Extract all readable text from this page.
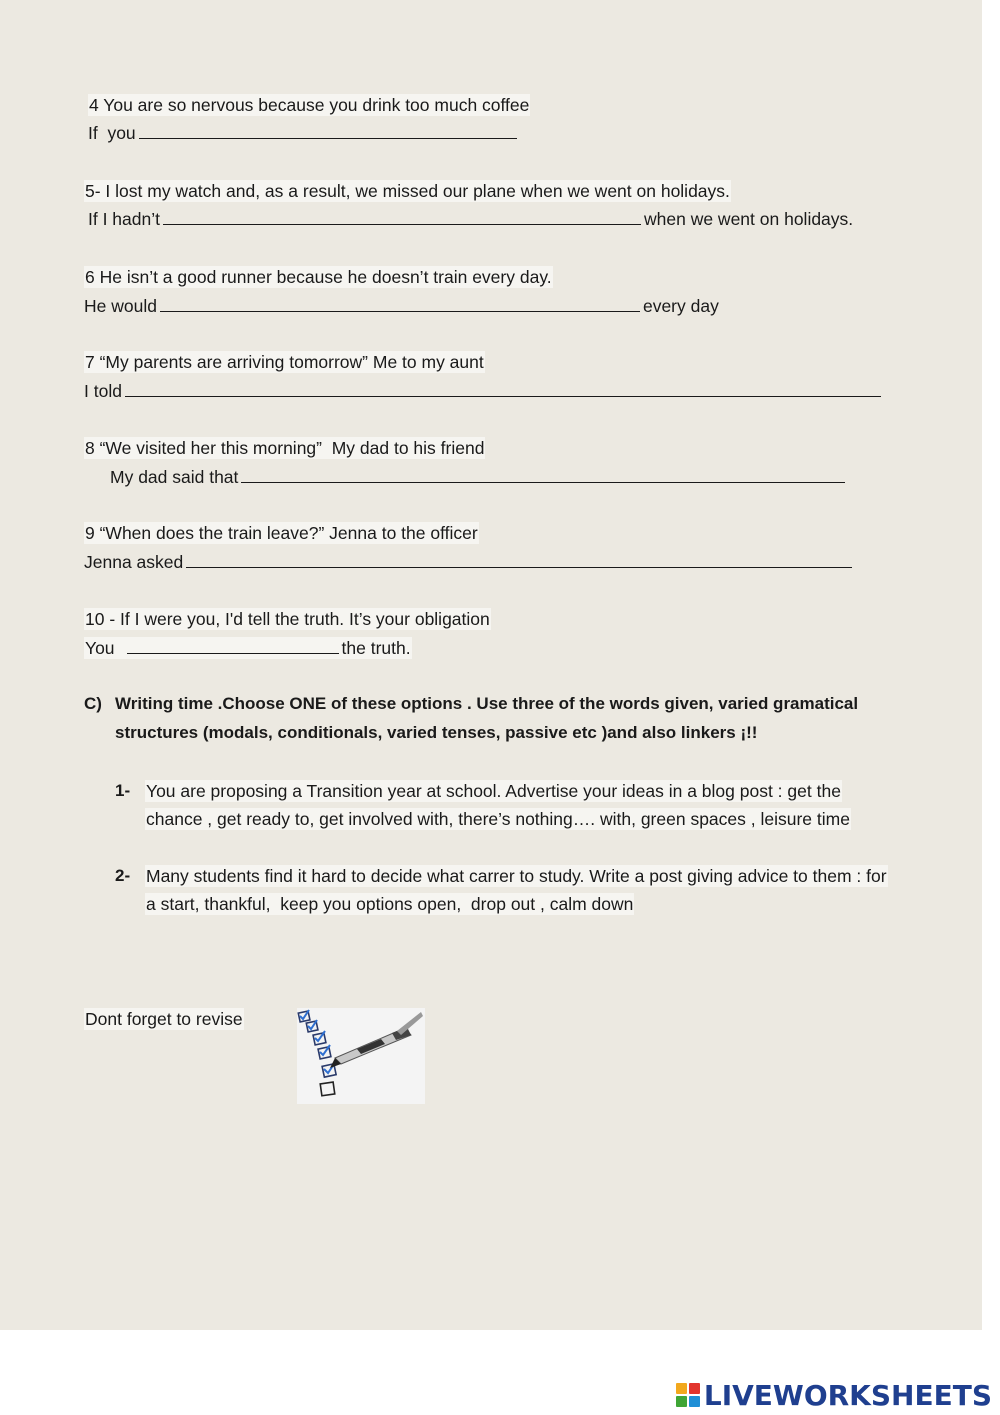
4 You are so nervous because you drink too much coffee
If  you
5- I lost my watch and, as a result, we missed our plane when we went on holidays.
If I hadn’t	when we went on holidays.
6 He isn’t a good runner because he doesn’t train every day.
He would	every day
7 “My parents are arriving tomorrow” Me to my aunt
I told
8 “We visited her this morning”  My dad to his friend
My dad said that
9 “When does the train leave?” Jenna to the officer
Jenna asked
10 - If I were you, I'd tell the truth. It’s your obligation
You	the truth.
C) Writing time .Choose ONE of these options . Use three of the words given, varied gramatical
structures (modals, conditionals, varied tenses, passive etc )and also linkers ¡!!
1- You are proposing a Transition year at school. Advertise your ideas in a blog post : get the
chance , get ready to, get involved with, there’s nothing…. with, green spaces , leisure time
2- Many students find it hard to decide what carrer to study. Write a post giving advice to them : for
a start, thankful,  keep you options open,  drop out , calm down
Dont forget to revise
LIVEWORKSHEETS
